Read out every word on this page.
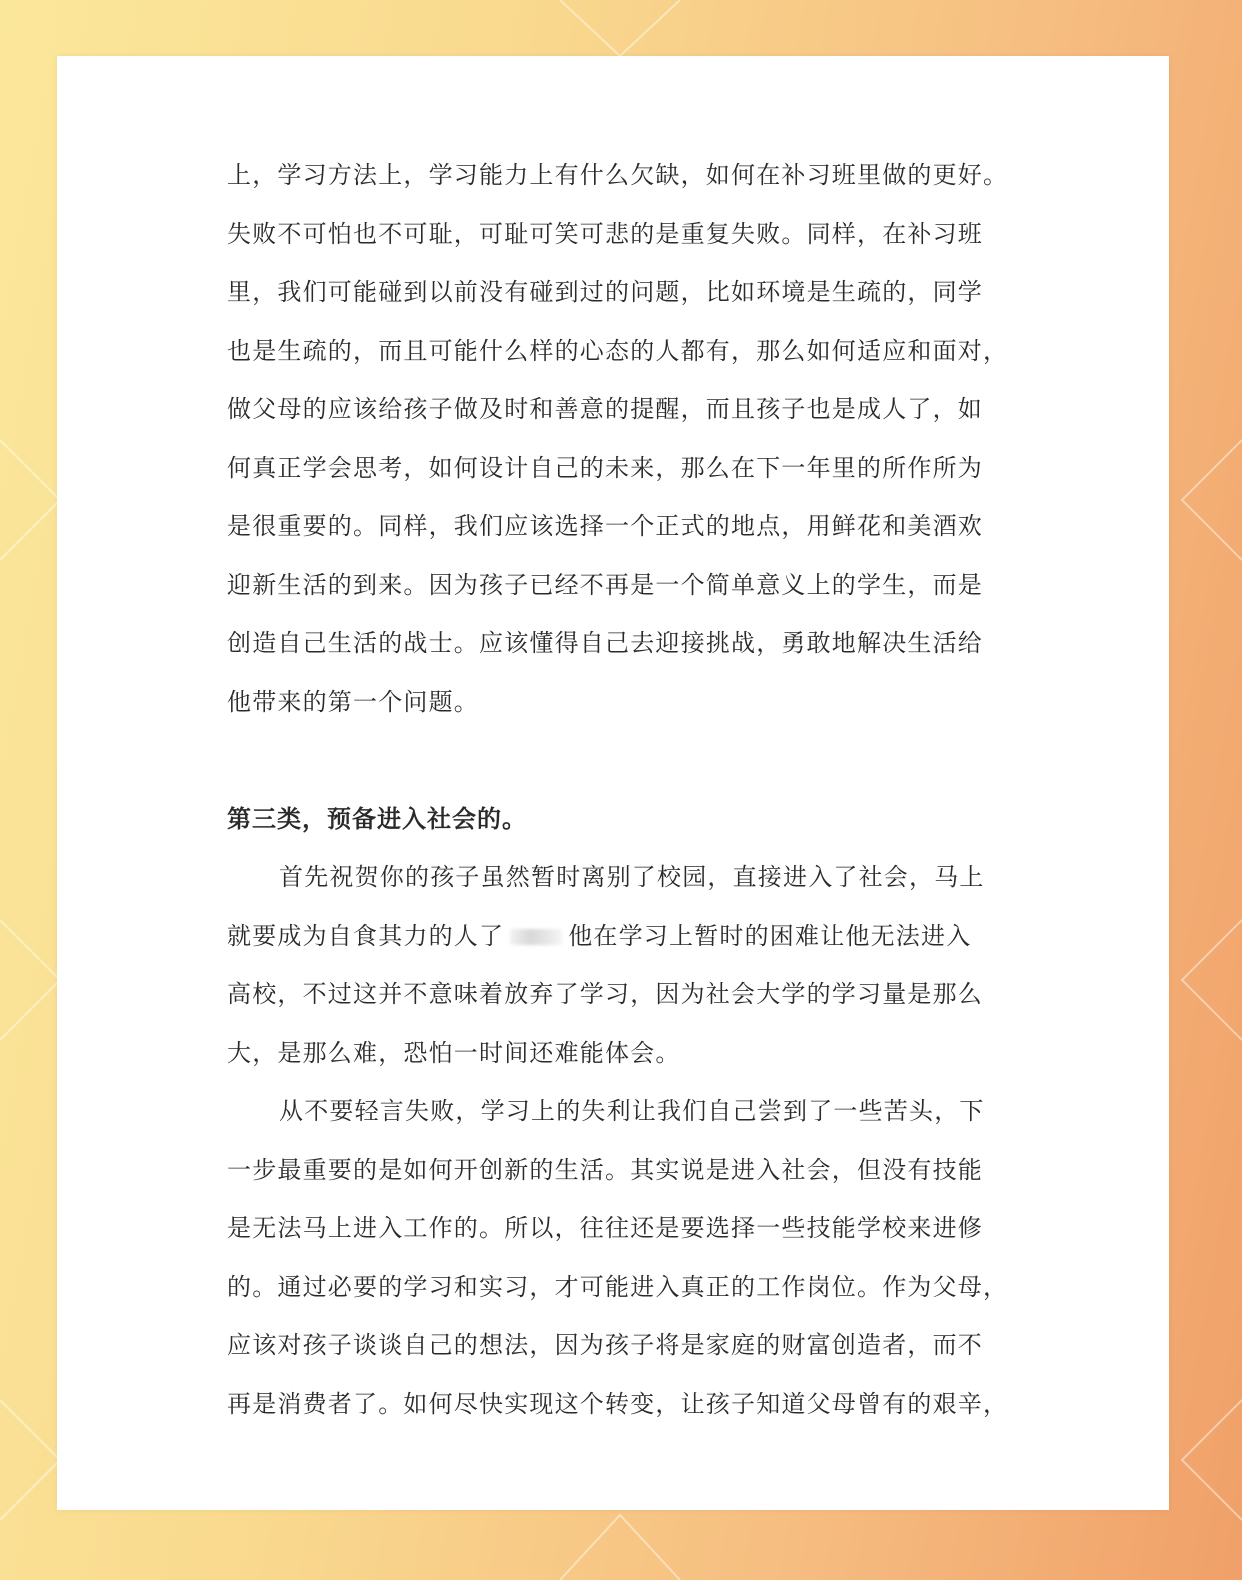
上，学习方法上，学习能力上有什么欠缺，如何在补习班里做的更好。
失败不可怕也不可耻，可耻可笑可悲的是重复失败。同样，在补习班
里，我们可能碰到以前没有碰到过的问题，比如环境是生疏的，同学
也是生疏的，而且可能什么样的心态的人都有，那么如何适应和面对，
做父母的应该给孩子做及时和善意的提醒，而且孩子也是成人了，如
何真正学会思考，如何设计自己的未来，那么在下一年里的所作所为
是很重要的。同样，我们应该选择一个正式的地点，用鲜花和美酒欢
迎新生活的到来。因为孩子已经不再是一个简单意义上的学生，而是
创造自己生活的战士。应该懂得自己去迎接挑战，勇敢地解决生活给
他带来的第一个问题。
第三类，预备进入社会的。
首先祝贺你的孩子虽然暂时离别了校园，直接进入了社会，马上
就要成为自食其力的人了	他在学习上暂时的困难让他无法进入
高校，不过这并不意味着放弃了学习，因为社会大学的学习量是那么
大，是那么难，恐怕一时间还难能体会。
从不要轻言失败，学习上的失利让我们自己尝到了一些苦头，下
一步最重要的是如何开创新的生活。其实说是进入社会，但没有技能
是无法马上进入工作的。所以，往往还是要选择一些技能学校来进修
的。通过必要的学习和实习，才可能进入真正的工作岗位。作为父母，
应该对孩子谈谈自己的想法，因为孩子将是家庭的财富创造者，而不
再是消费者了。如何尽快实现这个转变，让孩子知道父母曾有的艰辛，
